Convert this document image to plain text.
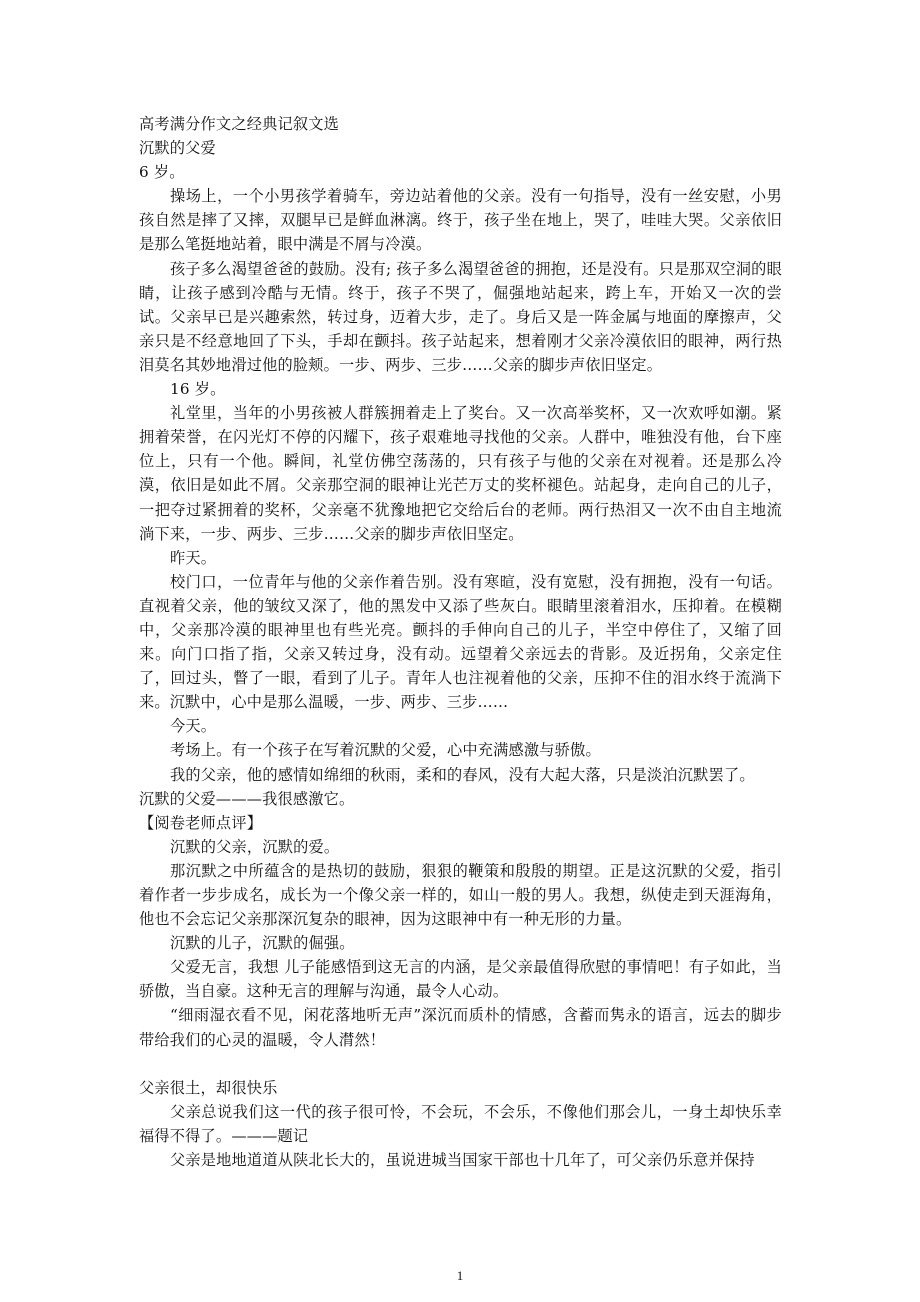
高考满分作文之经典记叙文选

沉默的父爱

6 岁。

操场上，一个小男孩学着骑车，旁边站着他的父亲。没有一句指导，没有一丝安慰，小男孩自然是摔了又摔，双腿早已是鲜血淋漓。终于，孩子坐在地上，哭了，哇哇大哭。父亲依旧是那么笔挺地站着，眼中满是不屑与冷漠。

孩子多么渴望爸爸的鼓励。没有; 孩子多么渴望爸爸的拥抱，还是没有。只是那双空洞的眼睛，让孩子感到冷酷与无情。终于，孩子不哭了，倔强地站起来，跨上车，开始又一次的尝试。父亲早已是兴趣索然，转过身，迈着大步，走了。身后又是一阵金属与地面的摩擦声，父亲只是不经意地回了下头，手却在颤抖。孩子站起来，想着刚才父亲冷漠依旧的眼神，两行热泪莫名其妙地滑过他的脸颊。一步、两步、三步……父亲的脚步声依旧坚定。

16 岁。

礼堂里，当年的小男孩被人群簇拥着走上了奖台。又一次高举奖杯，又一次欢呼如潮。紧拥着荣誉，在闪光灯不停的闪耀下，孩子艰难地寻找他的父亲。人群中，唯独没有他，台下座位上，只有一个他。瞬间，礼堂仿佛空荡荡的，只有孩子与他的父亲在对视着。还是那么冷漠，依旧是如此不屑。父亲那空洞的眼神让光芒万丈的奖杯褪色。站起身，走向自己的儿子，一把夺过紧拥着的奖杯，父亲毫不犹豫地把它交给后台的老师。两行热泪又一次不由自主地流淌下来，一步、两步、三步……父亲的脚步声依旧坚定。

昨天。

校门口，一位青年与他的父亲作着告别。没有寒暄，没有宽慰，没有拥抱，没有一句话。直视着父亲，他的皱纹又深了，他的黑发中又添了些灰白。眼睛里滚着泪水，压抑着。在模糊中，父亲那冷漠的眼神里也有些光亮。颤抖的手伸向自己的儿子，半空中停住了，又缩了回来。向门口指了指，父亲又转过身，没有动。远望着父亲远去的背影。及近拐角，父亲定住了，回过头，瞥了一眼，看到了儿子。青年人也注视着他的父亲，压抑不住的泪水终于流淌下来。沉默中，心中是那么温暖，一步、两步、三步……

今天。

考场上。有一个孩子在写着沉默的父爱，心中充满感激与骄傲。

我的父亲，他的感情如绵细的秋雨，柔和的春风，没有大起大落，只是淡泊沉默罢了。

沉默的父爱———我很感激它。

【阅卷老师点评】

沉默的父亲，沉默的爱。

那沉默之中所蕴含的是热切的鼓励，狠狠的鞭策和殷殷的期望。正是这沉默的父爱，指引着作者一步步成名，成长为一个像父亲一样的，如山一般的男人。我想，纵使走到天涯海角，他也不会忘记父亲那深沉复杂的眼神，因为这眼神中有一种无形的力量。

沉默的儿子，沉默的倔强。

父爱无言，我想 儿子能感悟到这无言的内涵，是父亲最值得欣慰的事情吧！有子如此，当骄傲，当自豪。这种无言的理解与沟通，最令人心动。

“细雨湿衣看不见，闲花落地听无声”深沉而质朴的情感，含蓄而隽永的语言，远去的脚步带给我们的心灵的温暖，令人潸然！

父亲很土，却很快乐

父亲总说我们这一代的孩子很可怜，不会玩，不会乐，不像他们那会儿，一身土却快乐幸福得不得了。———题记

父亲是地地道道从陕北长大的，虽说进城当国家干部也十几年了，可父亲仍乐意并保持

1
